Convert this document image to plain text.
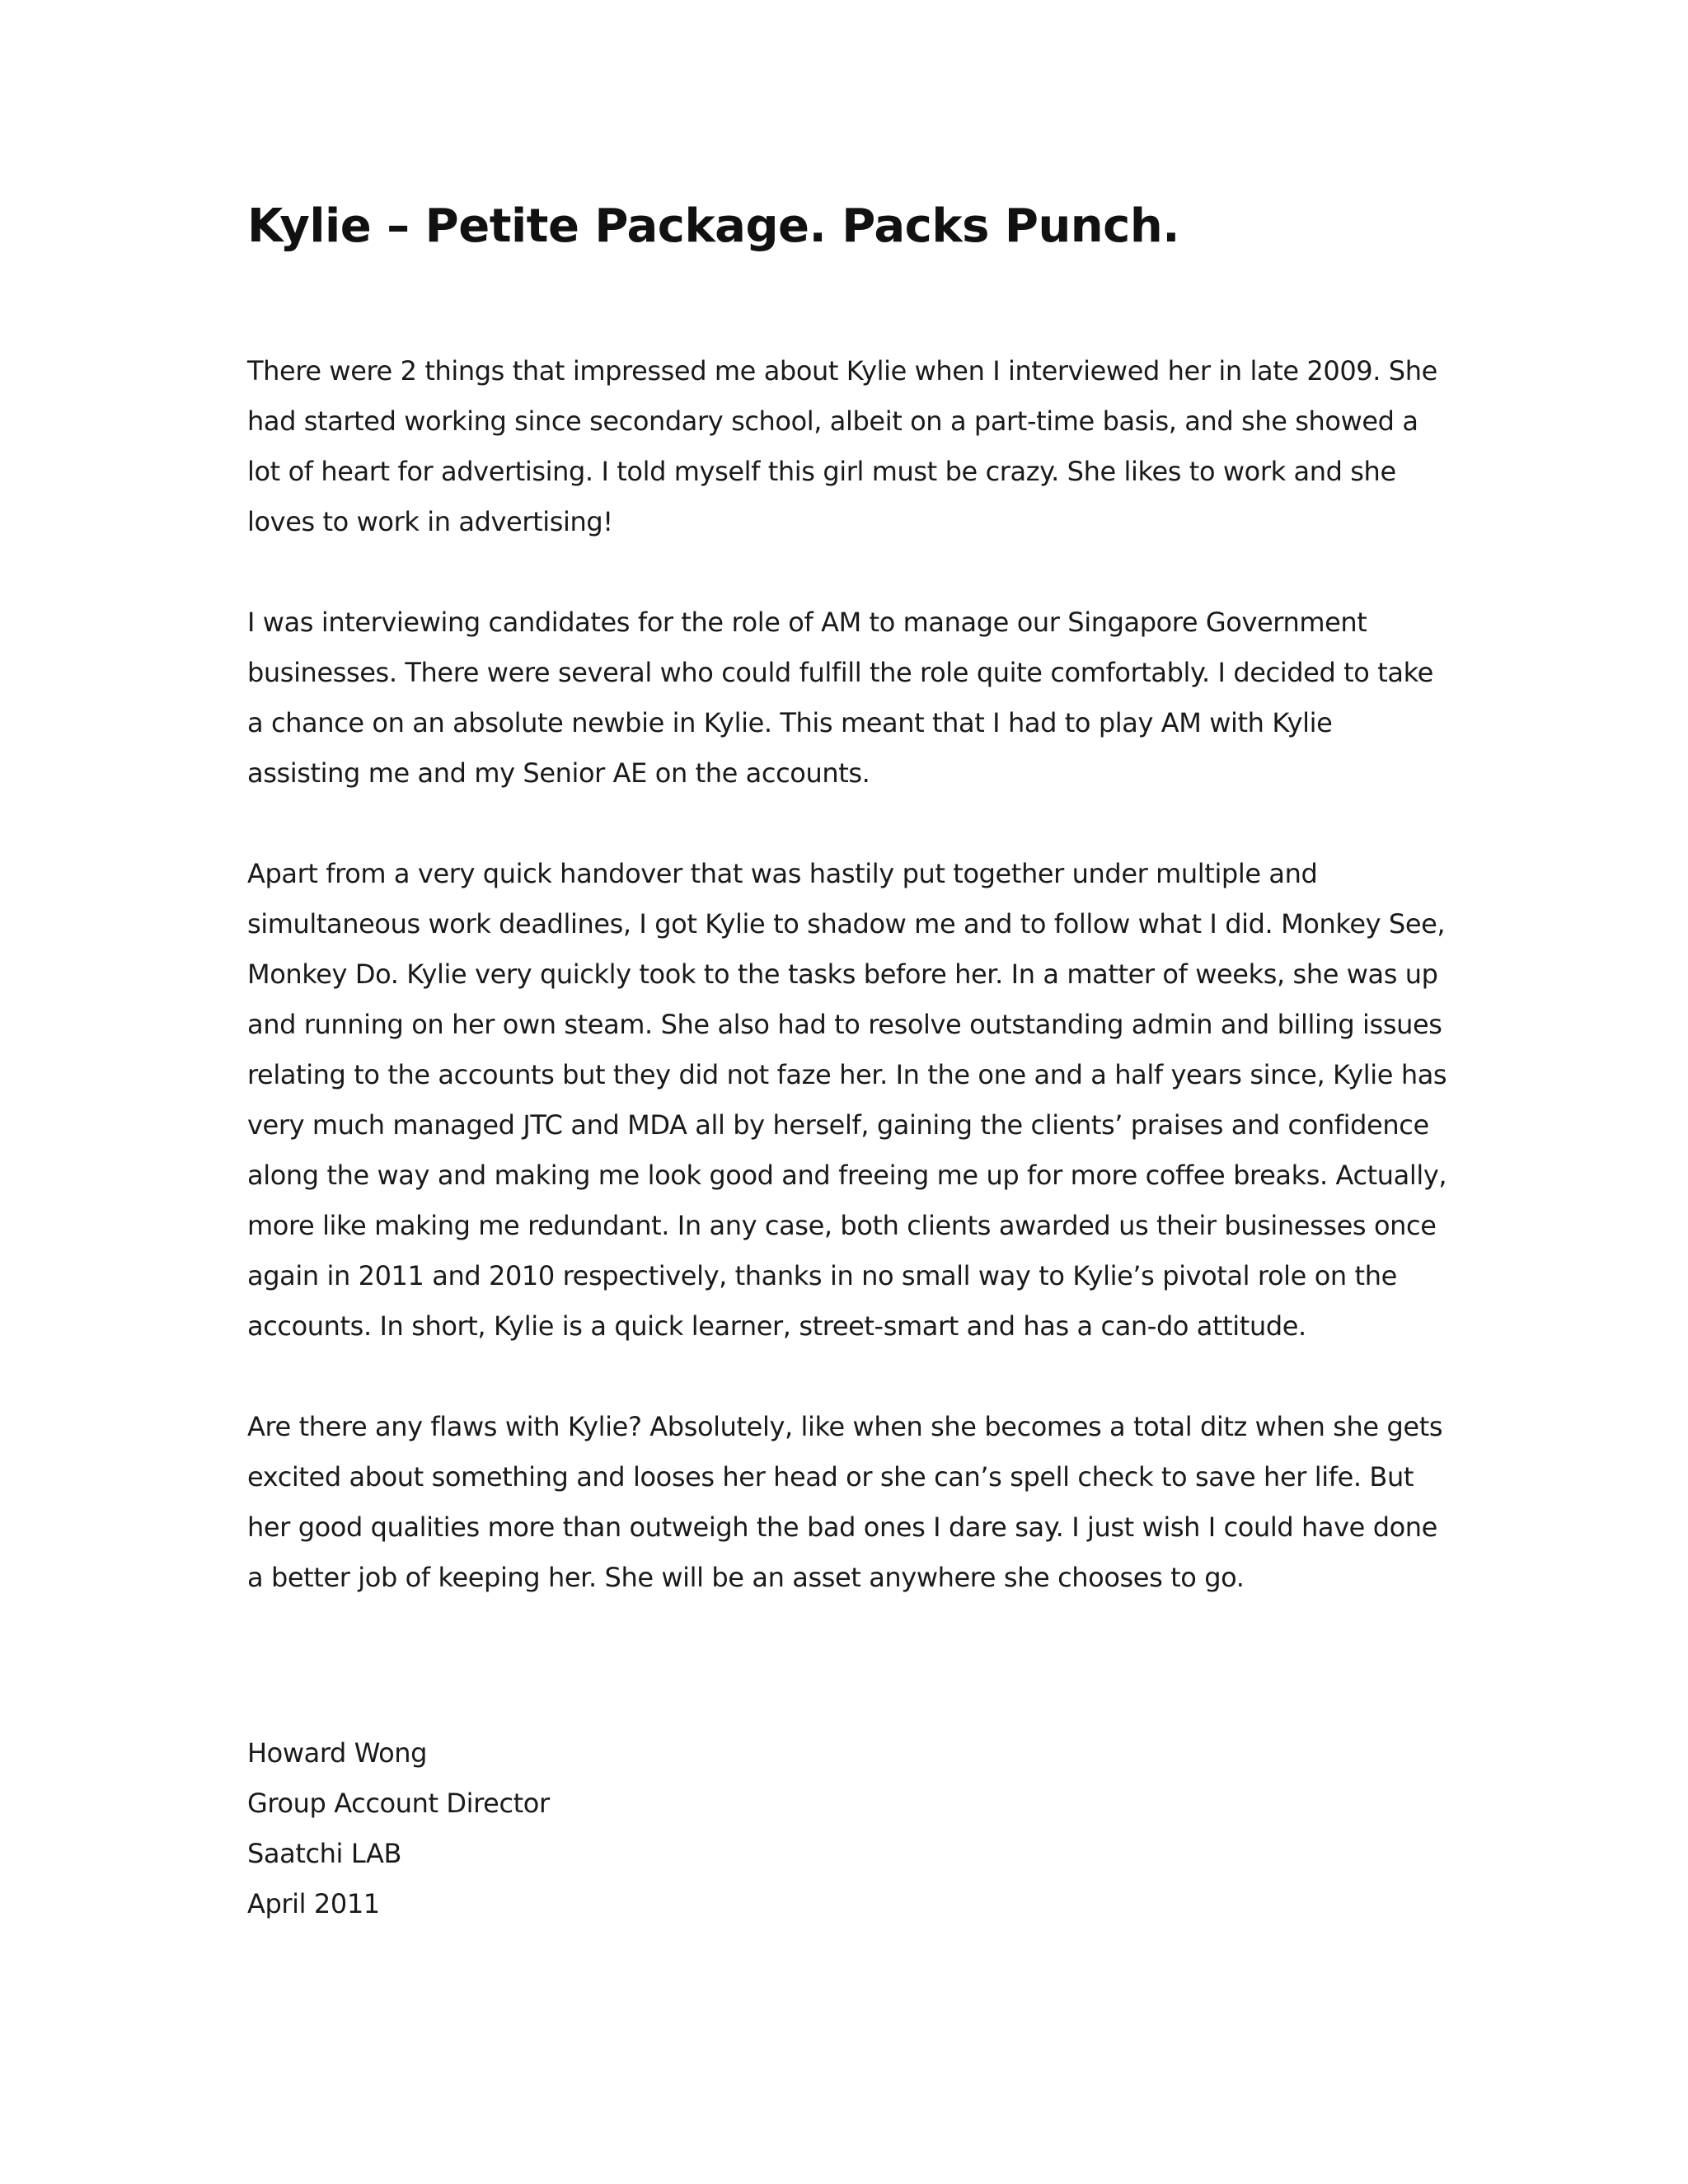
Kylie – Petite Package. Packs Punch.

There were 2 things that impressed me about Kylie when I interviewed her in late 2009. She had started working since secondary school, albeit on a part-time basis, and she showed a lot of heart for advertising. I told myself this girl must be crazy. She likes to work and she loves to work in advertising!

I was interviewing candidates for the role of AM to manage our Singapore Government businesses. There were several who could fulfill the role quite comfortably. I decided to take a chance on an absolute newbie in Kylie. This meant that I had to play AM with Kylie assisting me and my Senior AE on the accounts.

Apart from a very quick handover that was hastily put together under multiple and simultaneous work deadlines, I got Kylie to shadow me and to follow what I did. Monkey See, Monkey Do. Kylie very quickly took to the tasks before her. In a matter of weeks, she was up and running on her own steam. She also had to resolve outstanding admin and billing issues relating to the accounts but they did not faze her. In the one and a half years since, Kylie has very much managed JTC and MDA all by herself, gaining the clients’ praises and confidence along the way and making me look good and freeing me up for more coffee breaks. Actually, more like making me redundant. In any case, both clients awarded us their businesses once again in 2011 and 2010 respectively, thanks in no small way to Kylie’s pivotal role on the accounts. In short, Kylie is a quick learner, street-smart and has a can-do attitude.

Are there any flaws with Kylie? Absolutely, like when she becomes a total ditz when she gets excited about something and looses her head or she can’s spell check to save her life. But her good qualities more than outweigh the bad ones I dare say. I just wish I could have done a better job of keeping her. She will be an asset anywhere she chooses to go.

Howard Wong
Group Account Director
Saatchi LAB
April 2011
